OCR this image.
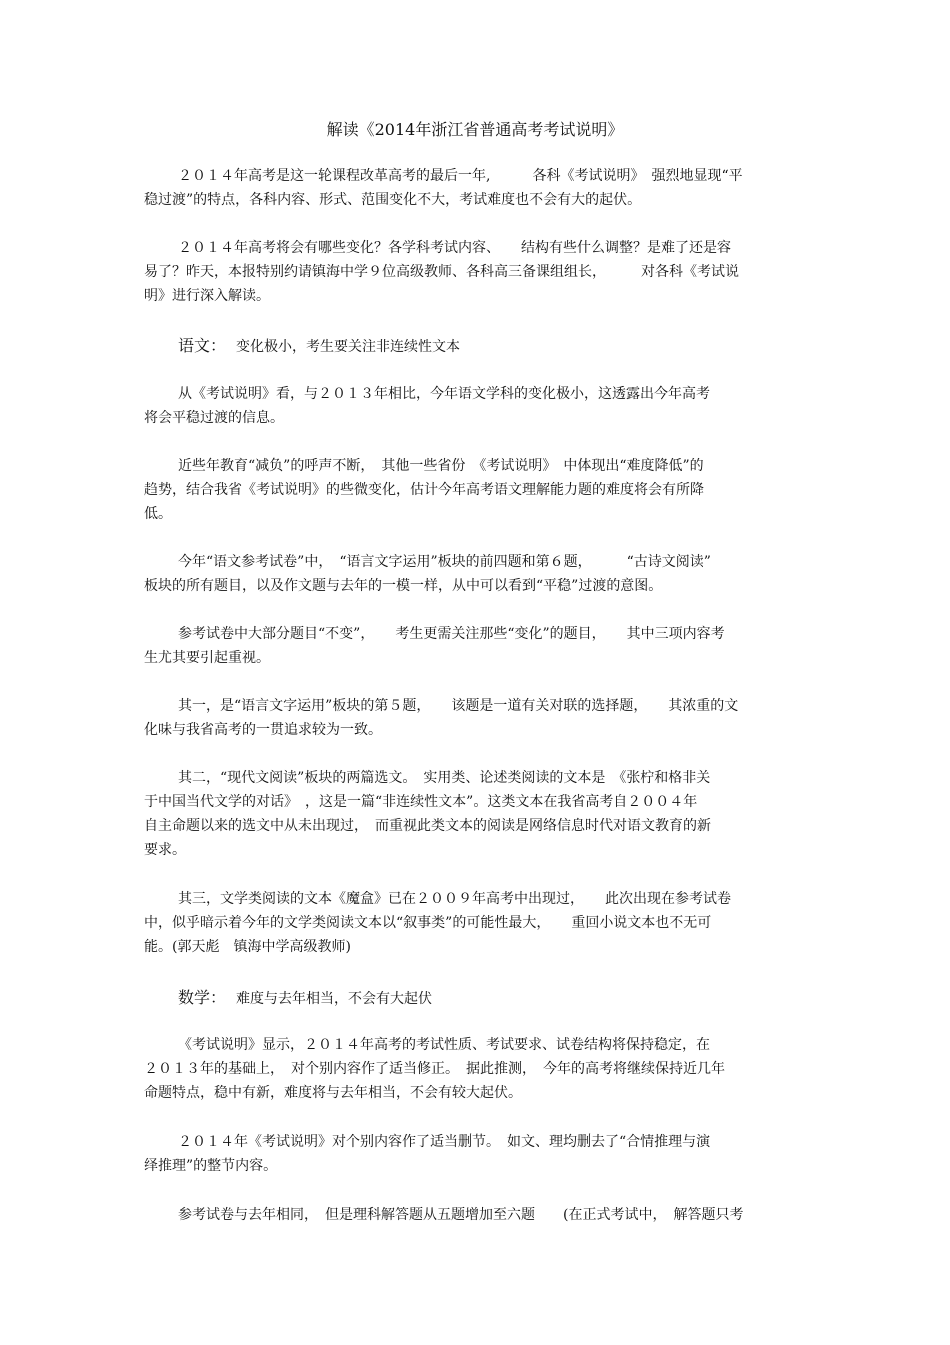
解读《2014年浙江省普通高考考试说明》
２０１４年高考是这一轮课程改革高考的最后一年,　　　各科《考试说明》　强烈地显现“平
稳过渡”的特点，各科内容、形式、范围变化不大，考试难度也不会有大的起伏。
２０１４年高考将会有哪些变化？各学科考试内容、　　结构有些什么调整？是难了还是容
易了？昨天，本报特别约请镇海中学９位高级教师、各科高三备课组组长，　　　对各科《考试说
明》进行深入解读。
语文： 变化极小，考生要关注非连续性文本
从《考试说明》看，与２０１３年相比，今年语文学科的变化极小，这透露出今年高考
将会平稳过渡的信息。
近些年教育“减负”的呼声不断，　其他一些省份　《考试说明》　中体现出“难度降低”的
趋势，结合我省《考试说明》的些微变化，估计今年高考语文理解能力题的难度将会有所降
低。
今年“语文参考试卷”中，　“语言文字运用”板块的前四题和第６题，　　　“古诗文阅读”
板块的所有题目，以及作文题与去年的一模一样，从中可以看到“平稳”过渡的意图。
参考试卷中大部分题目“不变”，　　考生更需关注那些“变化”的题目，　　其中三项内容考
生尤其要引起重视。
其一，是“语言文字运用”板块的第５题，　　该题是一道有关对联的选择题，　　其浓重的文
化味与我省高考的一贯追求较为一致。
其二，“现代文阅读”板块的两篇选文。　实用类、论述类阅读的文本是　《张柠和格非关
于中国当代文学的对话》　，这是一篇“非连续性文本”。这类文本在我省高考自２００４年
自主命题以来的选文中从未出现过，　而重视此类文本的阅读是网络信息时代对语文教育的新
要求。
其三，文学类阅读的文本《魔盒》已在２００９年高考中出现过，　　此次出现在参考试卷
中，似乎暗示着今年的文学类阅读文本以“叙事类”的可能性最大，　　重回小说文本也不无可
能。(郭天彪　镇海中学高级教师)
数学： 难度与去年相当，不会有大起伏
《考试说明》显示，２０１４年高考的考试性质、考试要求、试卷结构将保持稳定，在
２０１３年的基础上，　对个别内容作了适当修正。　据此推测，　今年的高考将继续保持近几年
命题特点，稳中有新，难度将与去年相当，不会有较大起伏。
２０１４年《考试说明》对个别内容作了适当删节。　如文、理均删去了“合情推理与演
绎推理”的整节内容。
参考试卷与去年相同，　但是理科解答题从五题增加至六题　　(在正式考试中，　解答题只考
